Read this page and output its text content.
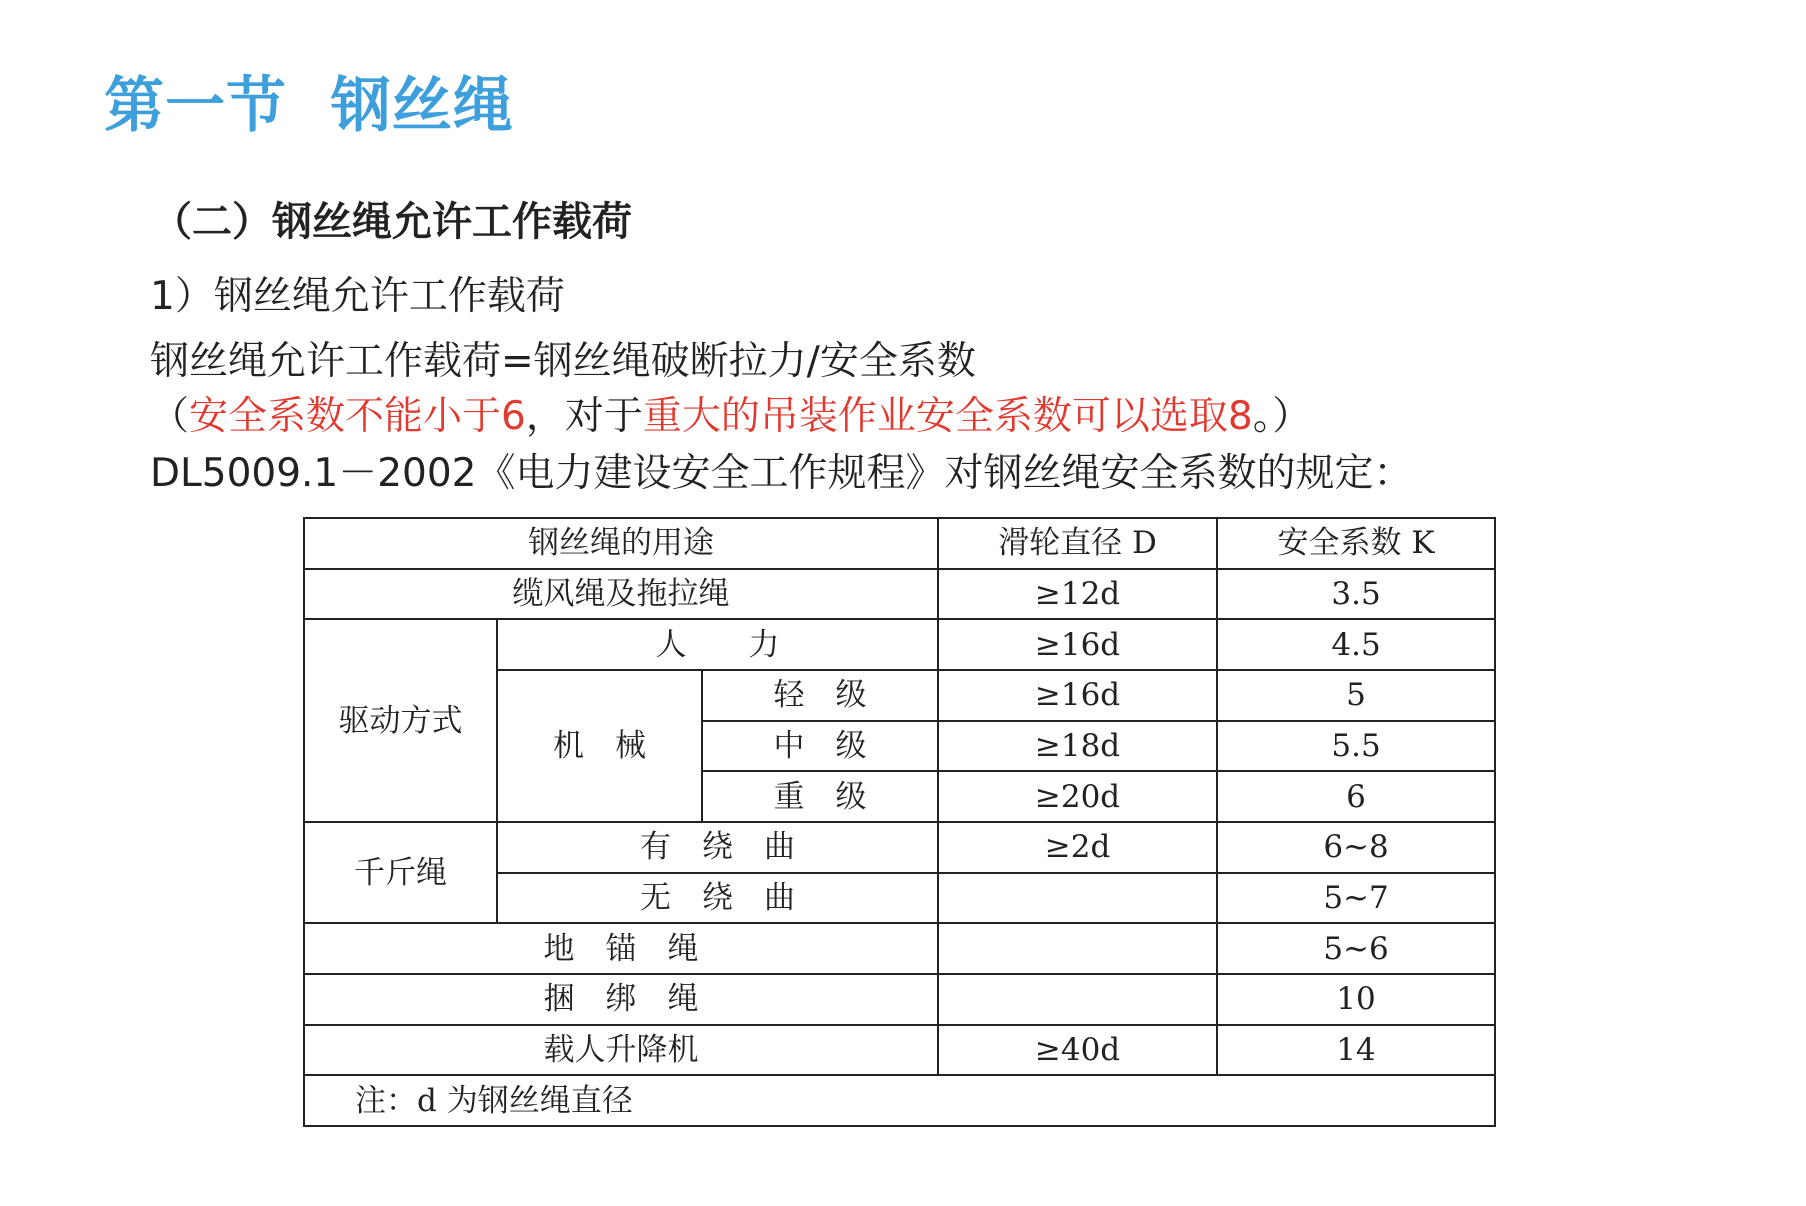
第一节  钢丝绳
（二）钢丝绳允许工作载荷
1）钢丝绳允许工作载荷
钢丝绳允许工作载荷=钢丝绳破断拉力/安全系数
（安全系数不能小于6，对于重大的吊装作业安全系数可以选取8。）
DL5009.1－2002《电力建设安全工作规程》对钢丝绳安全系数的规定：
钢丝绳的用途			滑轮直径 D	安全系数 K
缆风绳及拖拉绳			≥12d	3.5
驱动方式	人　　力		≥16d	4.5
	机　械	轻　级	≥16d	5
		中　级	≥18d	5.5
		重　级	≥20d	6
千斤绳	有　绕　曲		≥2d	6~8
	无　绕　曲			5~7
地　锚　绳				5~6
捆　绑　绳				10
载人升降机			≥40d	14
注：d 为钢丝绳直径				
